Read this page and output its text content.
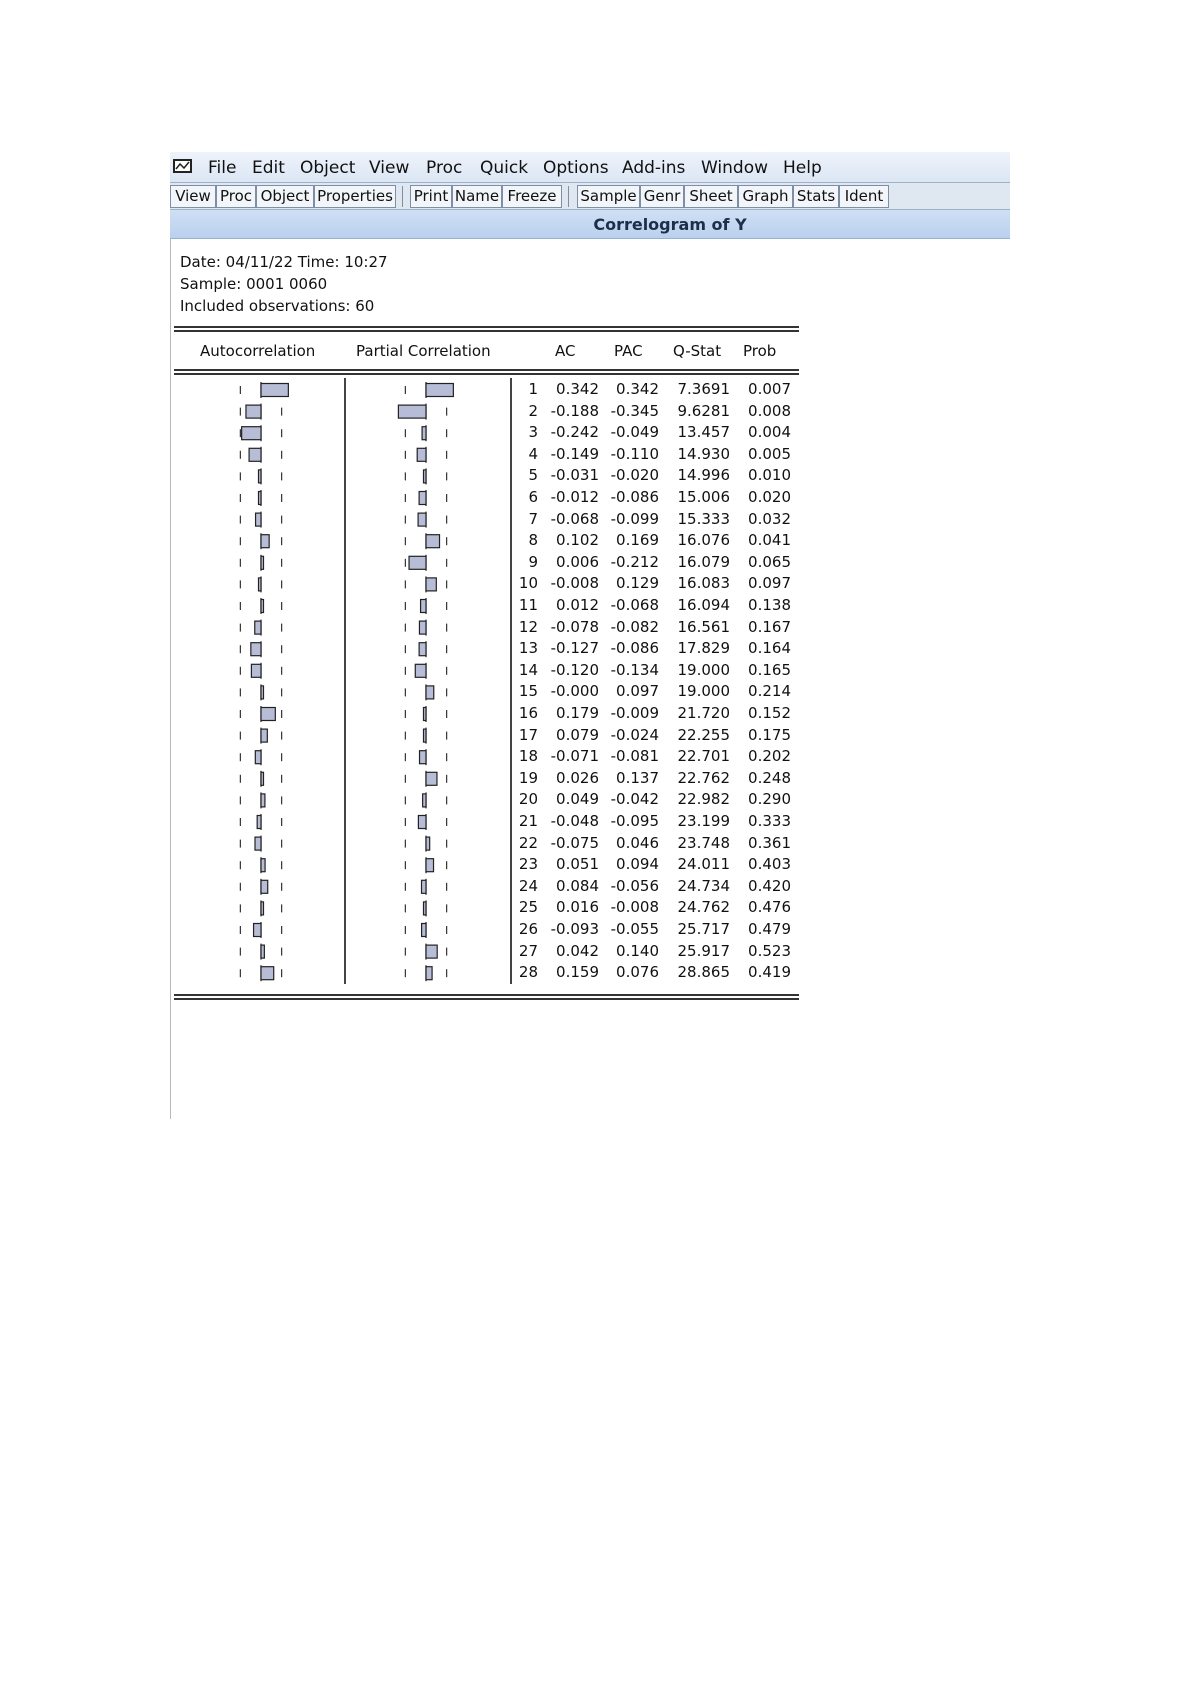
File Edit Object View Proc Quick Options Add-ins Window Help
View Proc Object Properties Print Name Freeze	Sample Genr Sheet Graph Stats Ident
Correlogram of Y
Date: 04/11/22 Time: 10:27
Sample: 0001 0060
Included observations: 60
Autocorrelation	Partial Correlation	AC	PAC Q-Stat Prob
1	0.342	0.342	7.3691	0.007
2 -0.188 -0.345	9.6281	0.008
3 -0.242 -0.049	13.457	0.004
4 -0.149 -0.110	14.930	0.005
5 -0.031 -0.020	14.996	0.010
6 -0.012 -0.086	15.006	0.020
7 -0.068 -0.099	15.333	0.032
8	0.102	0.169	16.076	0.041
9	0.006 -0.212	16.079	0.065
10 -0.008	0.129	16.083	0.097
11	0.012 -0.068	16.094	0.138
12 -0.078 -0.082	16.561	0.167
13 -0.127 -0.086	17.829	0.164
14 -0.120 -0.134	19.000	0.165
15 -0.000	0.097	19.000	0.214
16	0.179 -0.009	21.720	0.152
17	0.079 -0.024	22.255	0.175
18 -0.071 -0.081	22.701	0.202
19	0.026	0.137	22.762	0.248
20	0.049 -0.042	22.982	0.290
21 -0.048 -0.095	23.199	0.333
22 -0.075	0.046	23.748	0.361
23	0.051	0.094	24.011	0.403
24	0.084 -0.056	24.734	0.420
25	0.016 -0.008	24.762	0.476
26 -0.093 -0.055	25.717	0.479
27	0.042	0.140	25.917	0.523
28	0.159	0.076	28.865	0.419
